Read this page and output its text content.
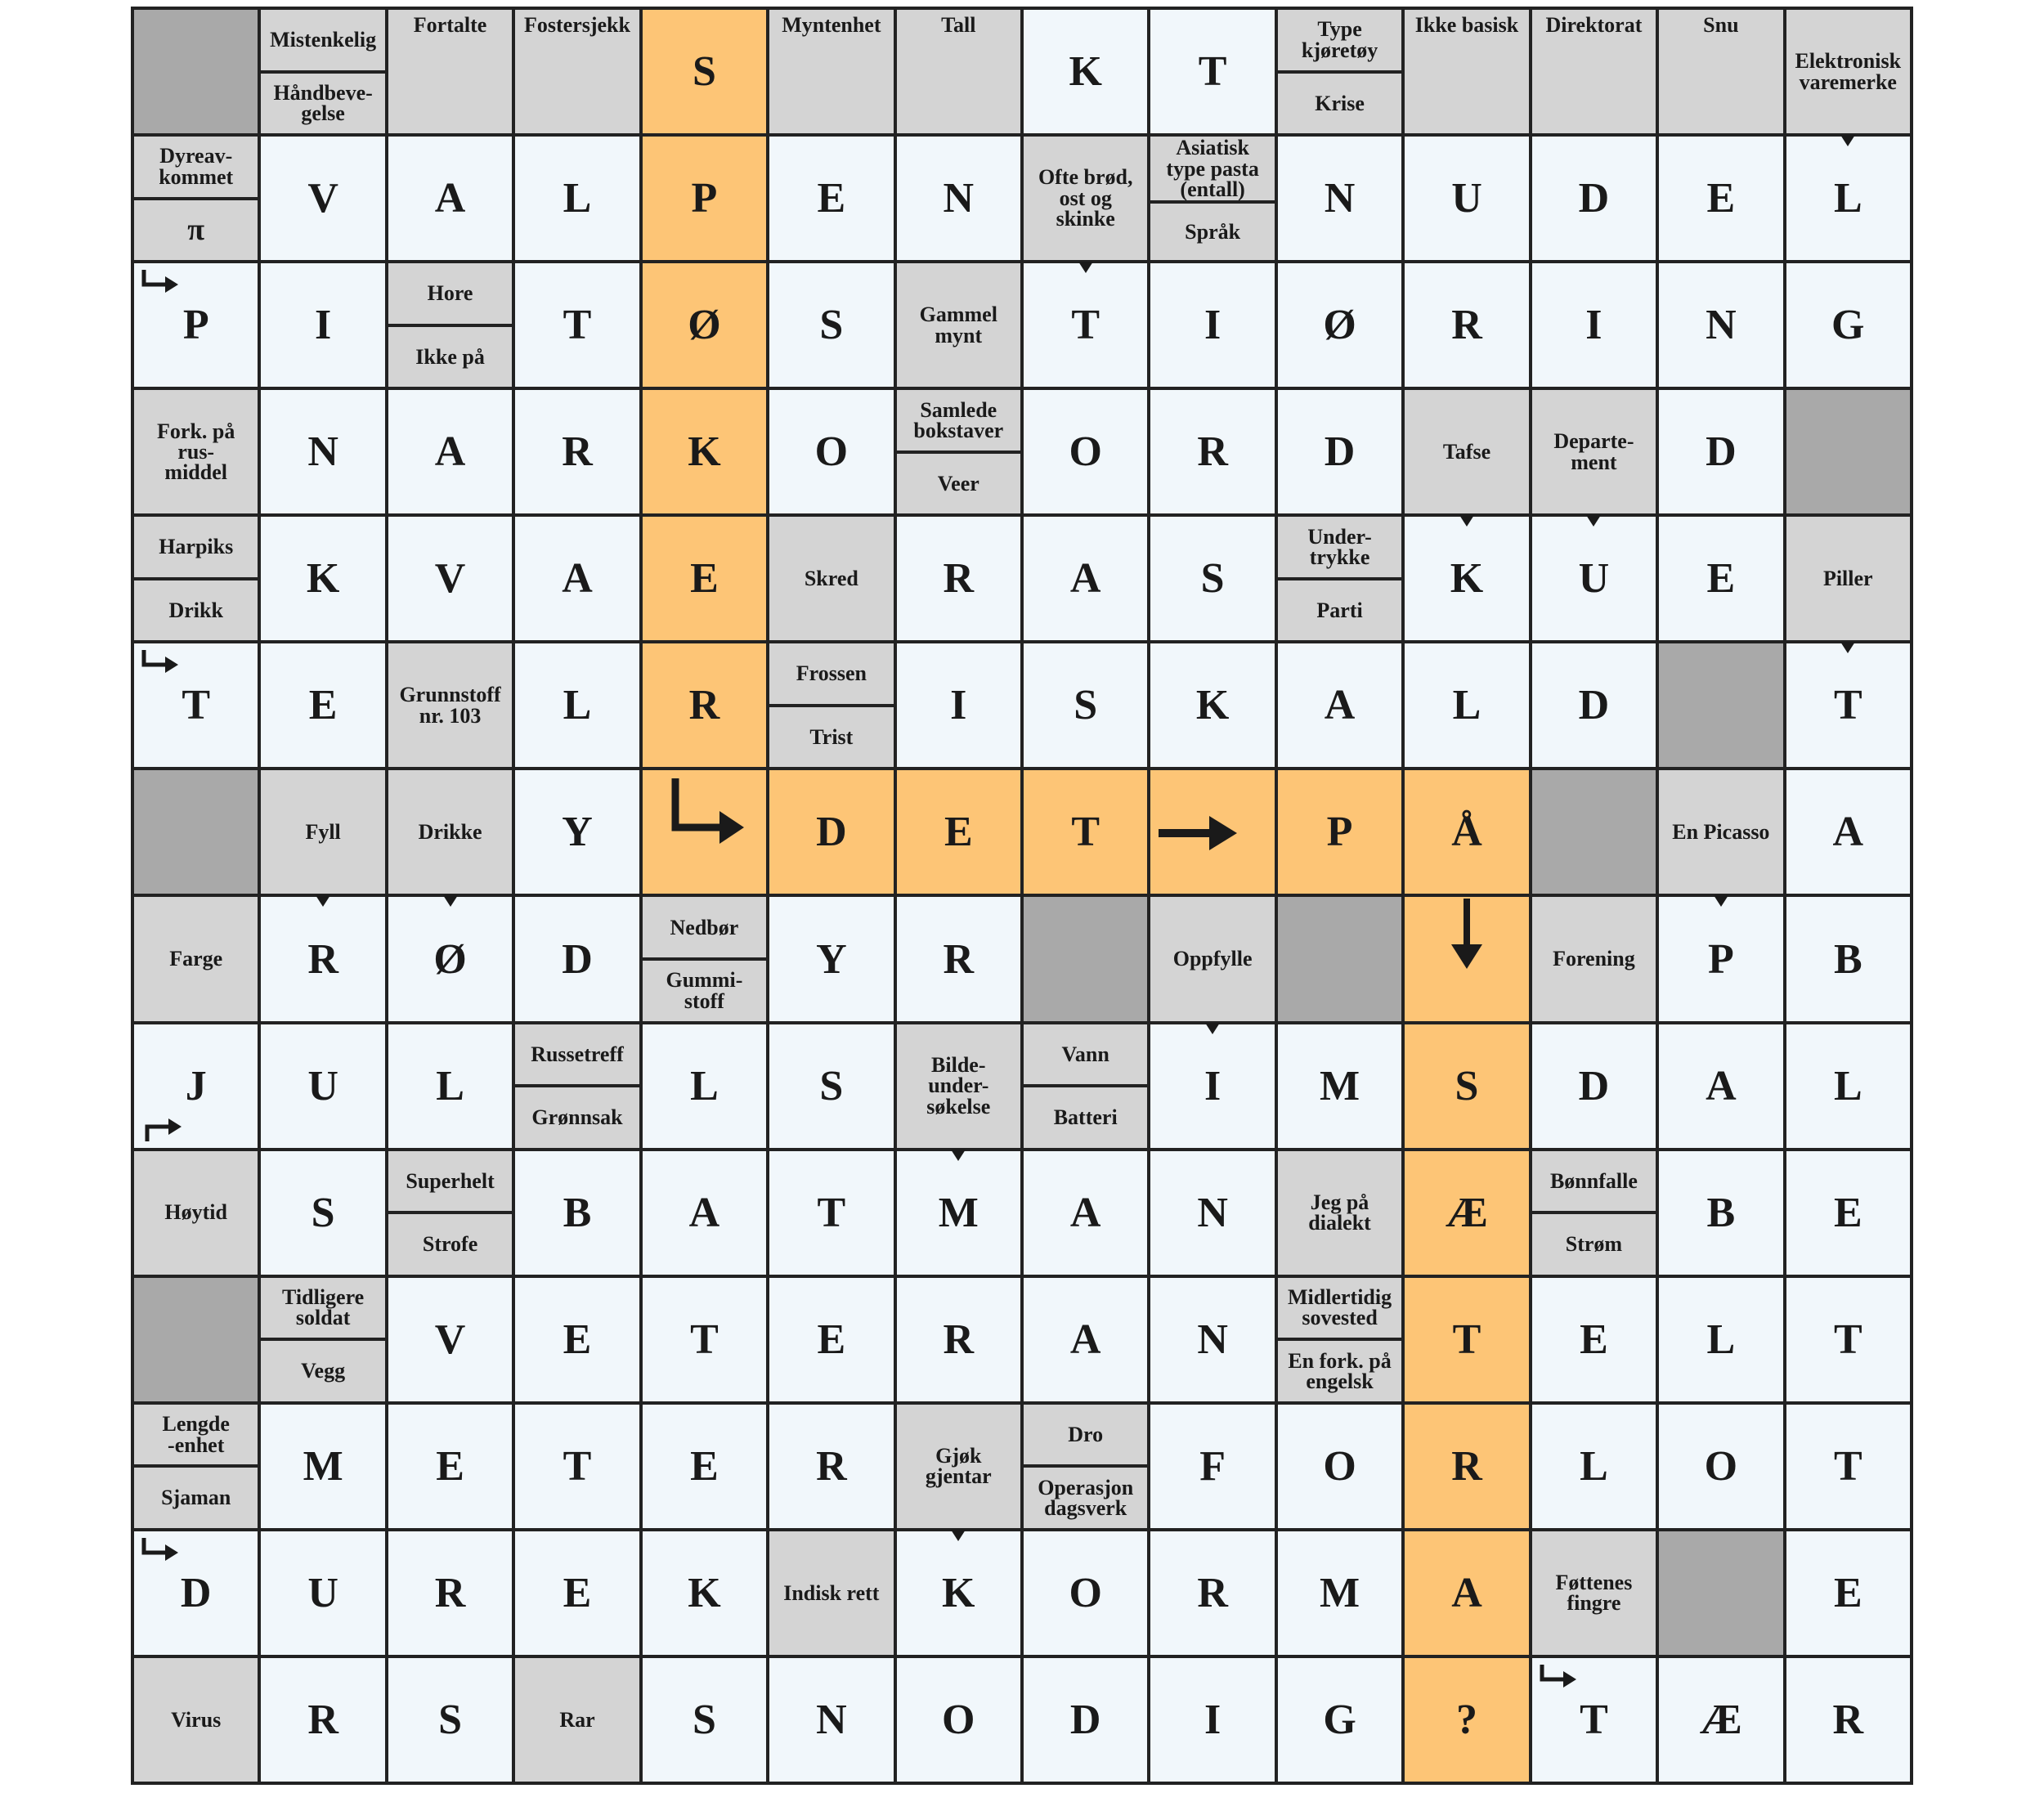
Mistenkelig
Håndbeve-
gelse
Fortalte Fostersjekk
S
Myntenhet	Tall
K T
Type
kjøretøy
Krise
Ikke basisk Direktorat	Snu
Elektronisk
varemerke
Dyreav-
kommet
π
V A L P E N	Ofte brød,
ost og
skinke
Asiatisk
type pasta
(entall)
Språk
N U D E L
P I
Hore
Ikke på
T Ø S	Gammel
mynt	T I Ø R I N G
Fork. på
rus-
middel N A R K O
Samlede
bokstaver
Veer
O R D	Tafse	Departe-
ment	D
Harpiks
Drikk
K V A E	Skred R A S
Under-
trykke
Parti
K U E	Piller
T E	Grunnstoff
nr. 103	L R
Frossen
Trist
I	S K A L D	T
Fyll	Drikke Y	D E T	P Å	En Picasso A
Farge R Ø D
Nedbør
Gummi-
stoff
Y R	Oppfylle	Forening P B
J U L
Russetreff
Grønnsak
L S	Bilde-
under-
søkelse
Vann
Batteri
I M S D A L
Høytid S
Superhelt
Strofe
B A T M A N	Jeg på
dialekt Æ
Bønnfalle
Strøm
B E
Tidligere
soldat
Vegg
V E T E R A N
Midlertidig
sovested
En fork. på
engelsk
T E L T
Lengde
-enhet
Sjaman
M E T E R	Gjøk
gjentar
Dro
Operasjon
dagsverk
F O R L O T
D U R E K	Indisk rett K O R M A	Føttenes
fingre	E
Virus R S	Rar S N O D I G ? T Æ R
